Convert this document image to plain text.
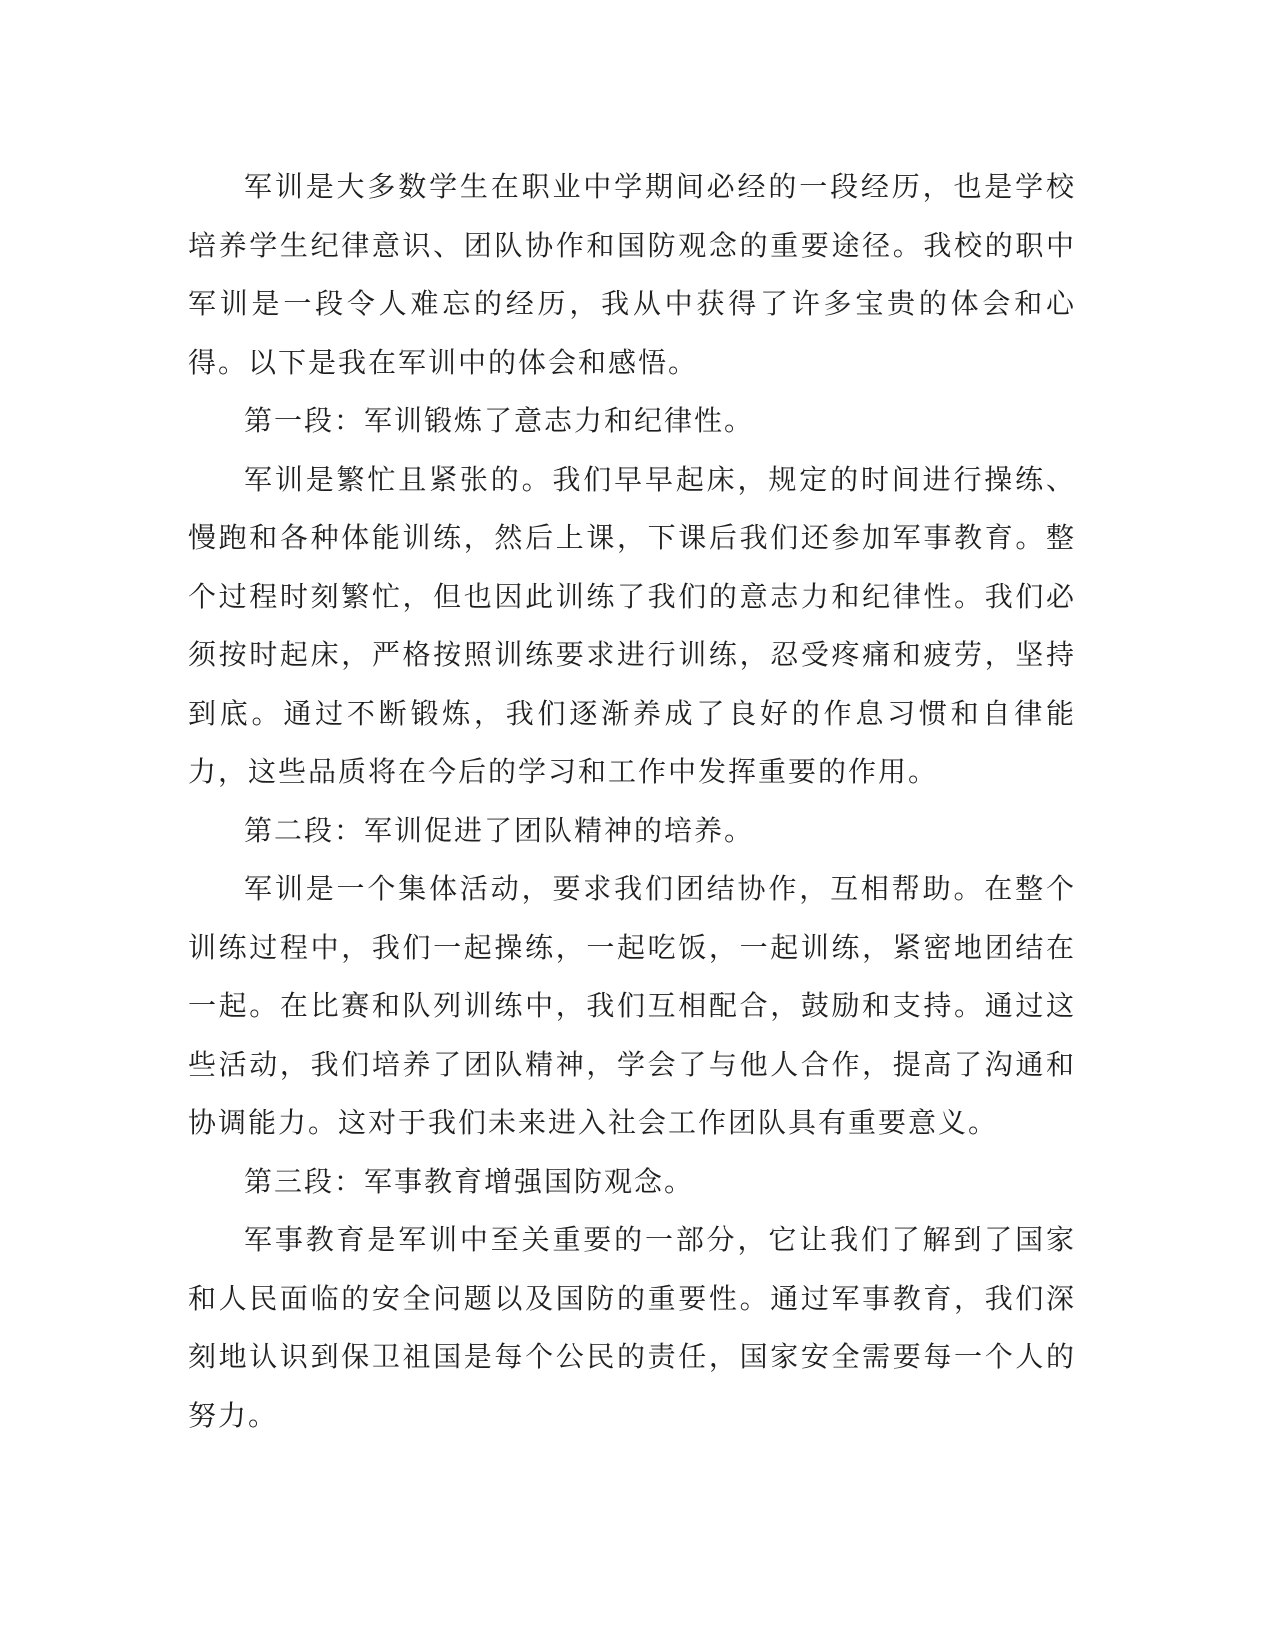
军训是大多数学生在职业中学期间必经的一段经历，也是学校培养学生纪律意识、团队协作和国防观念的重要途径。我校的职中军训是一段令人难忘的经历，我从中获得了许多宝贵的体会和心得。以下是我在军训中的体会和感悟。

第一段：军训锻炼了意志力和纪律性。

军训是繁忙且紧张的。我们早早起床，规定的时间进行操练、慢跑和各种体能训练，然后上课，下课后我们还参加军事教育。整个过程时刻繁忙，但也因此训练了我们的意志力和纪律性。我们必须按时起床，严格按照训练要求进行训练，忍受疼痛和疲劳，坚持到底。通过不断锻炼，我们逐渐养成了良好的作息习惯和自律能力，这些品质将在今后的学习和工作中发挥重要的作用。

第二段：军训促进了团队精神的培养。

军训是一个集体活动，要求我们团结协作，互相帮助。在整个训练过程中，我们一起操练，一起吃饭，一起训练，紧密地团结在一起。在比赛和队列训练中，我们互相配合，鼓励和支持。通过这些活动，我们培养了团队精神，学会了与他人合作，提高了沟通和协调能力。这对于我们未来进入社会工作团队具有重要意义。

第三段：军事教育增强国防观念。

军事教育是军训中至关重要的一部分，它让我们了解到了国家和人民面临的安全问题以及国防的重要性。通过军事教育，我们深刻地认识到保卫祖国是每个公民的责任，国家安全需要每一个人的努力。
